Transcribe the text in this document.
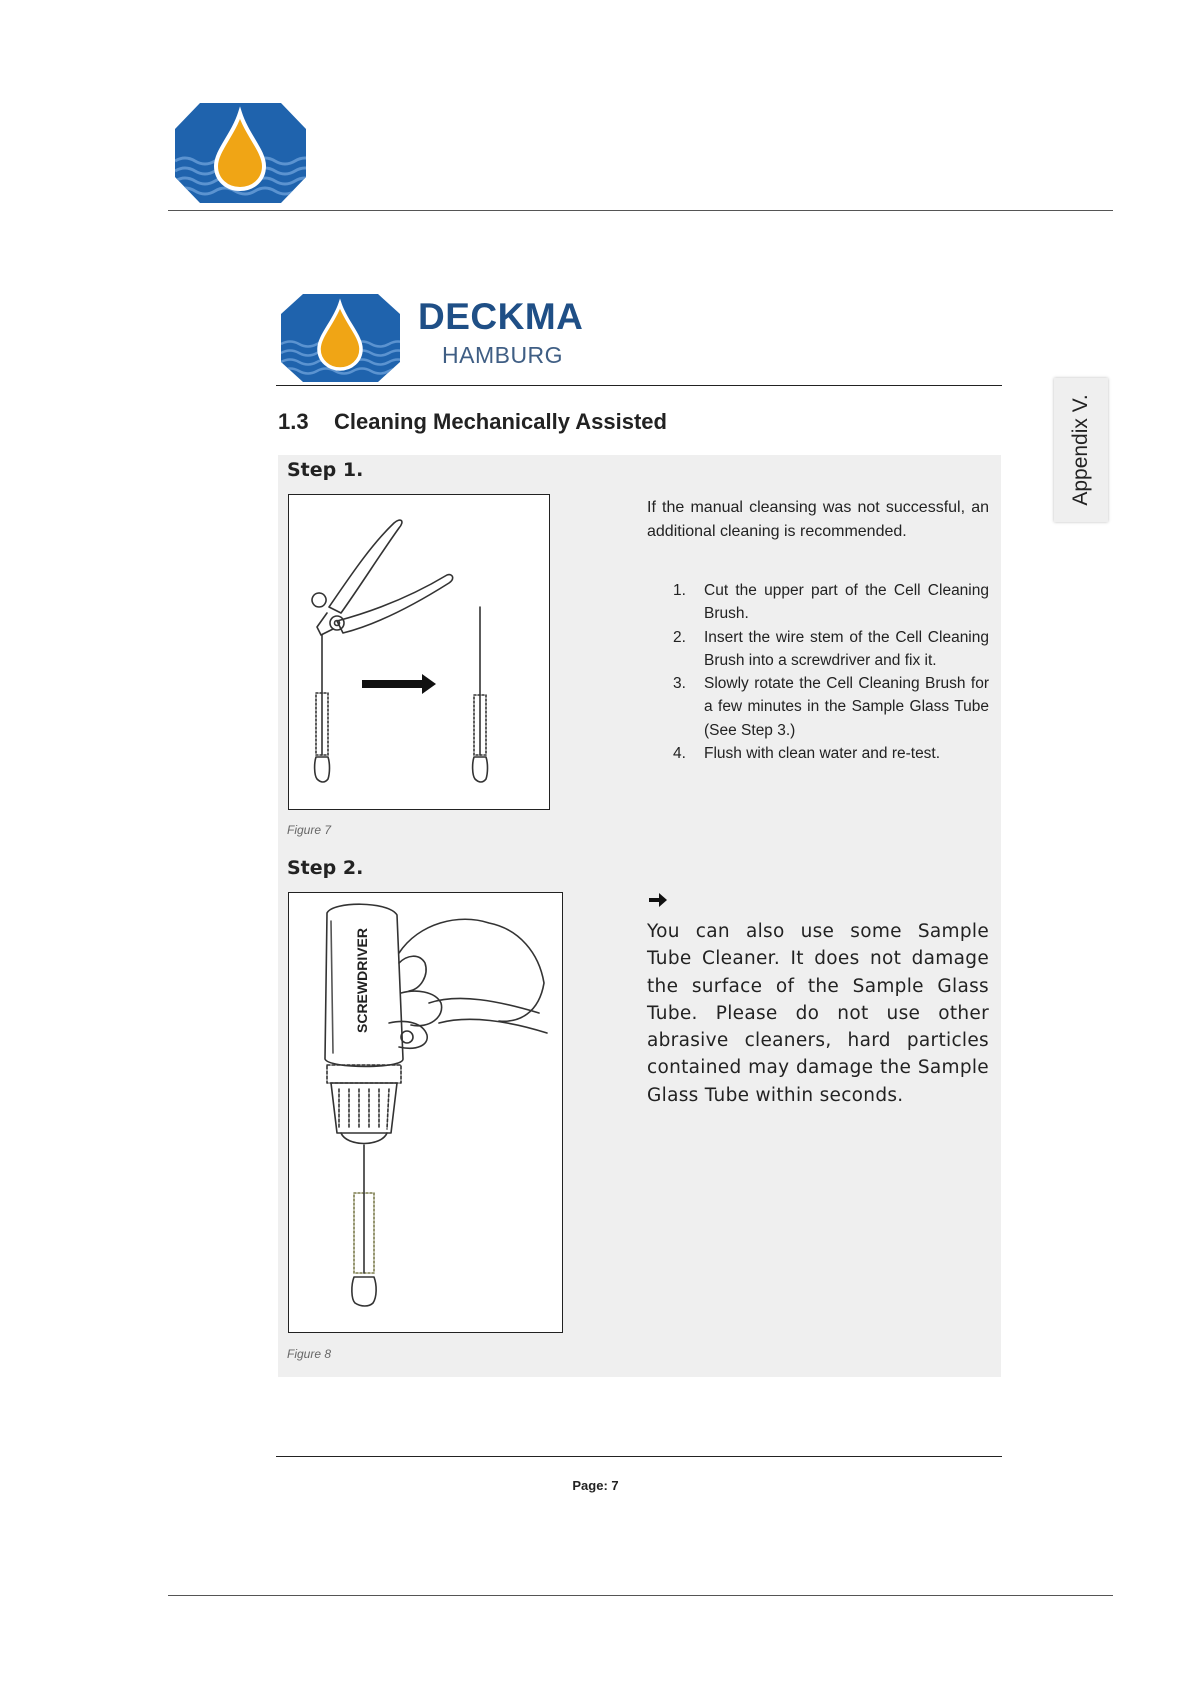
DECKMA
HAMBURG
Appendix V.
1.3 Cleaning Mechanically Assisted
Step 1.
Figure 7
If the manual cleansing was not successful, an additional cleaning is recommended.
1. Cut the upper part of the Cell Cleaning Brush.
2. Insert the wire stem of the Cell Cleaning Brush into a screwdriver and fix it.
3. Slowly rotate the Cell Cleaning Brush for a few minutes in the Sample Glass Tube (See Step 3.)
4. Flush with clean water and re-test.
Step 2.
SCREWDRIVER
Figure 8
You can also use some Sample Tube Cleaner. It does not damage the surface of the Sample Glass Tube. Please do not use other abrasive cleaners, hard particles contained may damage the Sample Glass Tube within seconds.
Page: 7
